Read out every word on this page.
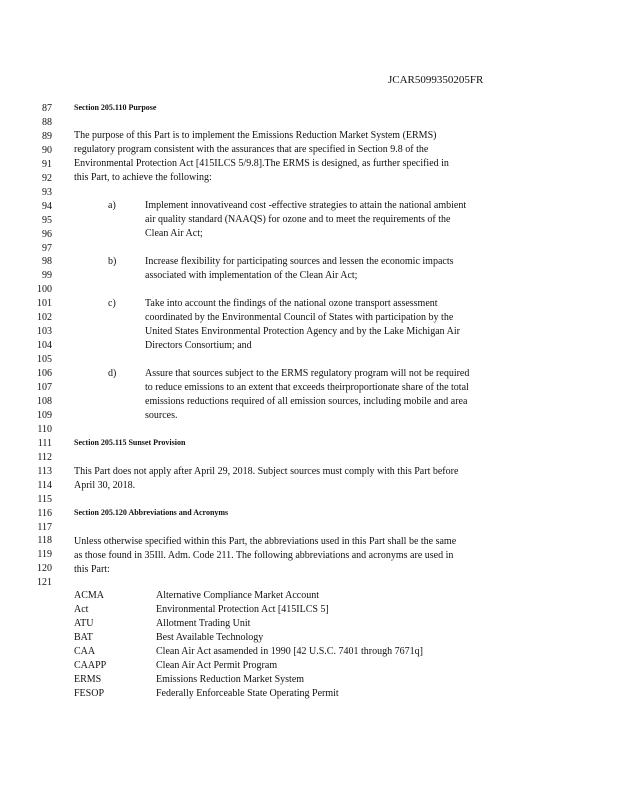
JCAR5099350205FR
87
88
89
90
91
92
93
94
95
96
97
98
99
100
101
102
103
104
105
106
107
108
109
110
111
112
113
114
115
116
117
118
119
120
121
Section 205.110 Purpose
The purpose of this Part is to implement the Emissions Reduction Market System (ERMS)
regulatory program consistent with the assurances that are specified in Section 9.8 of the
Environmental Protection Act [415ILCS 5/9.8].The ERMS is designed, as further specified in
this Part, to achieve the following:
a)	Implement innovativeand cost -effective strategies to attain the national ambient
air quality standard (NAAQS) for ozone and to meet the requirements of the
Clean Air Act;
b)	Increase flexibility for participating sources and lessen the economic impacts
associated with implementation of the Clean Air Act;
c)	Take into account the findings of the national ozone transport assessment
coordinated by the Environmental Council of States with participation by the
United States Environmental Protection Agency and by the Lake Michigan Air
Directors Consortium; and
d)	Assure that sources subject to the ERMS regulatory program will not be required
to reduce emissions to an extent that exceeds theirproportionate share of the total
emissions reductions required of all emission sources, including mobile and area
sources.
Section 205.115 Sunset Provision
This Part does not apply after April 29, 2018. Subject sources must comply with this Part before
April 30, 2018.
Section 205.120 Abbreviations and Acronyms
Unless otherwise specified within this Part, the abbreviations used in this Part shall be the same
as those found in 35Ill. Adm. Code 211. The following abbreviations and acronyms are used in
this Part:
ACMA	Alternative Compliance Market Account
Act	Environmental Protection Act [415ILCS 5]
ATU	Allotment Trading Unit
BAT	Best Available Technology
CAA	Clean Air Act asamended in 1990 [42 U.S.C. 7401 through 7671q]
CAAPP	Clean Air Act Permit Program
ERMS	Emissions Reduction Market System
FESOP	Federally Enforceable State Operating Permit
